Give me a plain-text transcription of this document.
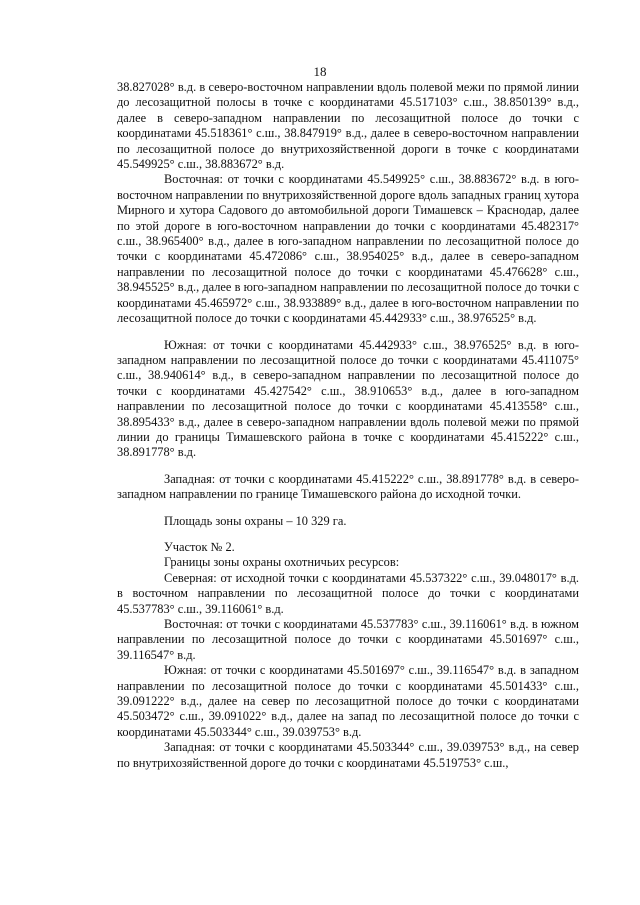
18

38.827028° в.д. в северо-восточном направлении вдоль полевой межи по прямой линии до лесозащитной полосы в точке с координатами 45.517103° с.ш., 38.850139° в.д., далее в северо-западном направлении по лесозащитной полосе до точки с координатами 45.518361° с.ш., 38.847919° в.д., далее в северо-восточном направлении по лесозащитной полосе до внутрихозяйственной дороги в точке с координатами 45.549925° с.ш., 38.883672° в.д.

Восточная: от точки с координатами 45.549925° с.ш., 38.883672° в.д. в юго-восточном направлении по внутрихозяйственной дороге вдоль западных границ хутора Мирного и хутора Садового до автомобильной дороги Тимашевск – Краснодар, далее по этой дороге в юго-восточном направлении до точки с координатами 45.482317° с.ш., 38.965400° в.д., далее в юго-западном направлении по лесозащитной полосе до точки с координатами 45.472086° с.ш., 38.954025° в.д., далее в северо-западном направлении по лесозащитной полосе до точки с координатами 45.476628° с.ш., 38.945525° в.д., далее в юго-западном направлении по лесозащитной полосе до точки с координатами 45.465972° с.ш., 38.933889° в.д., далее в юго-восточном направлении по лесозащитной полосе до точки с координатами 45.442933° с.ш., 38.976525° в.д.

Южная: от точки с координатами 45.442933° с.ш., 38.976525° в.д. в юго-западном направлении по лесозащитной полосе до точки с координатами 45.411075° с.ш., 38.940614° в.д., в северо-западном направлении по лесозащитной полосе до точки с координатами 45.427542° с.ш., 38.910653° в.д., далее в юго-западном направлении по лесозащитной полосе до точки с координатами 45.413558° с.ш., 38.895433° в.д., далее в северо-западном направлении вдоль полевой межи по прямой линии до границы Тимашевского района в точке с координатами 45.415222° с.ш., 38.891778° в.д.

Западная: от точки с координатами 45.415222° с.ш., 38.891778° в.д. в северо-западном направлении по границе Тимашевского района до исходной точки.

Площадь зоны охраны – 10 329 га.

Участок № 2.

Границы зоны охраны охотничьих ресурсов:

Северная: от исходной точки с координатами 45.537322° с.ш., 39.048017° в.д. в восточном направлении по лесозащитной полосе до точки с координатами 45.537783° с.ш., 39.116061° в.д.

Восточная: от точки с координатами 45.537783° с.ш., 39.116061° в.д. в южном направлении по лесозащитной полосе до точки с координатами 45.501697° с.ш., 39.116547° в.д.

Южная: от точки с координатами 45.501697° с.ш., 39.116547° в.д. в западном направлении по лесозащитной полосе до точки с координатами 45.501433° с.ш., 39.091222° в.д., далее на север по лесозащитной полосе до точки с координатами 45.503472° с.ш., 39.091022° в.д., далее на запад по лесозащитной полосе до точки с координатами 45.503344° с.ш., 39.039753° в.д.

Западная: от точки с координатами 45.503344° с.ш., 39.039753° в.д., на север по внутрихозяйственной дороге до точки с координатами 45.519753° с.ш.,
